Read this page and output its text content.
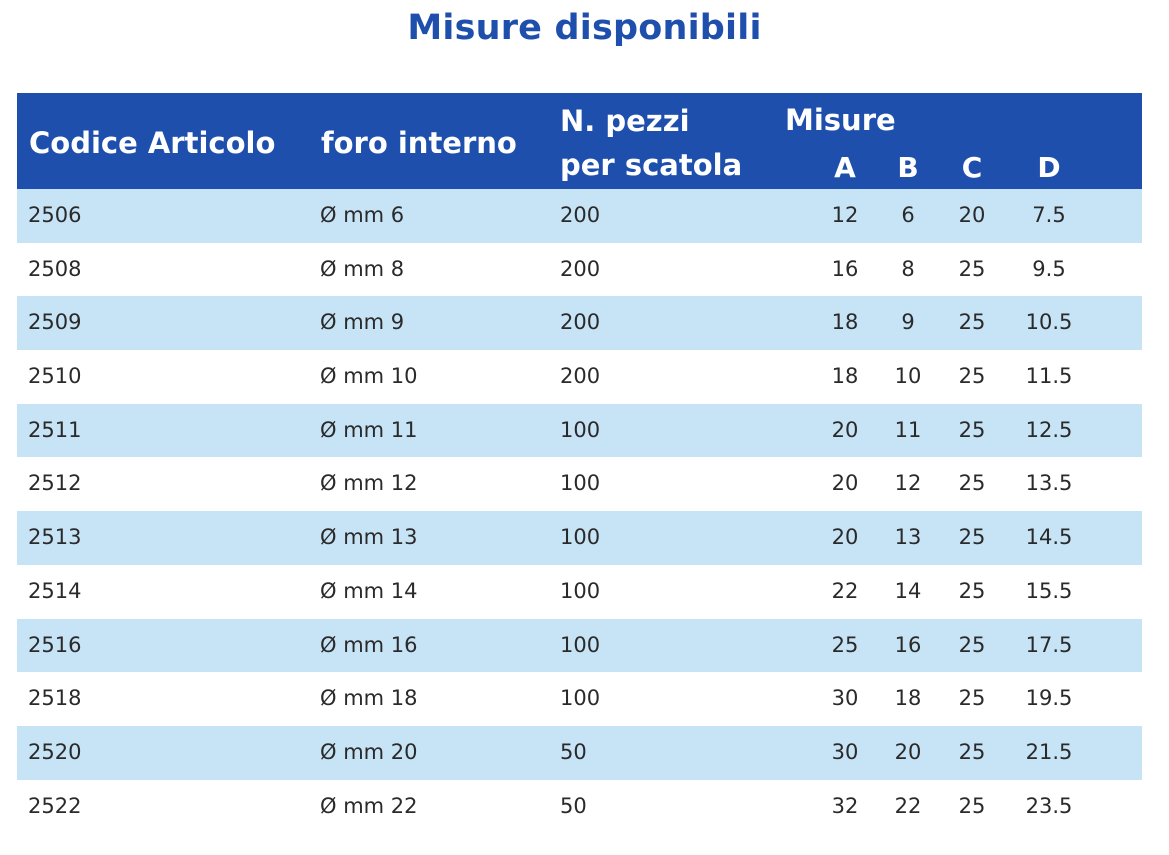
Misure disponibili
Codice Articolo foro interno
N. pezzi
per scatola
Misure
A	B	C	D
2506	Ø mm 6	200	12	6	20	7.5
2508	Ø mm 8	200	16	8	25	9.5
2509	Ø mm 9	200	18	9	25	10.5
2510	Ø mm 10	200	18	10	25	11.5
2511	Ø mm 11	100	20	11	25	12.5
2512	Ø mm 12	100	20	12	25	13.5
2513	Ø mm 13	100	20	13	25	14.5
2514	Ø mm 14	100	22	14	25	15.5
2516	Ø mm 16	100	25	16	25	17.5
2518	Ø mm 18	100	30	18	25	19.5
2520	Ø mm 20	50	30	20	25	21.5
2522	Ø mm 22	50	32	22	25	23.5
